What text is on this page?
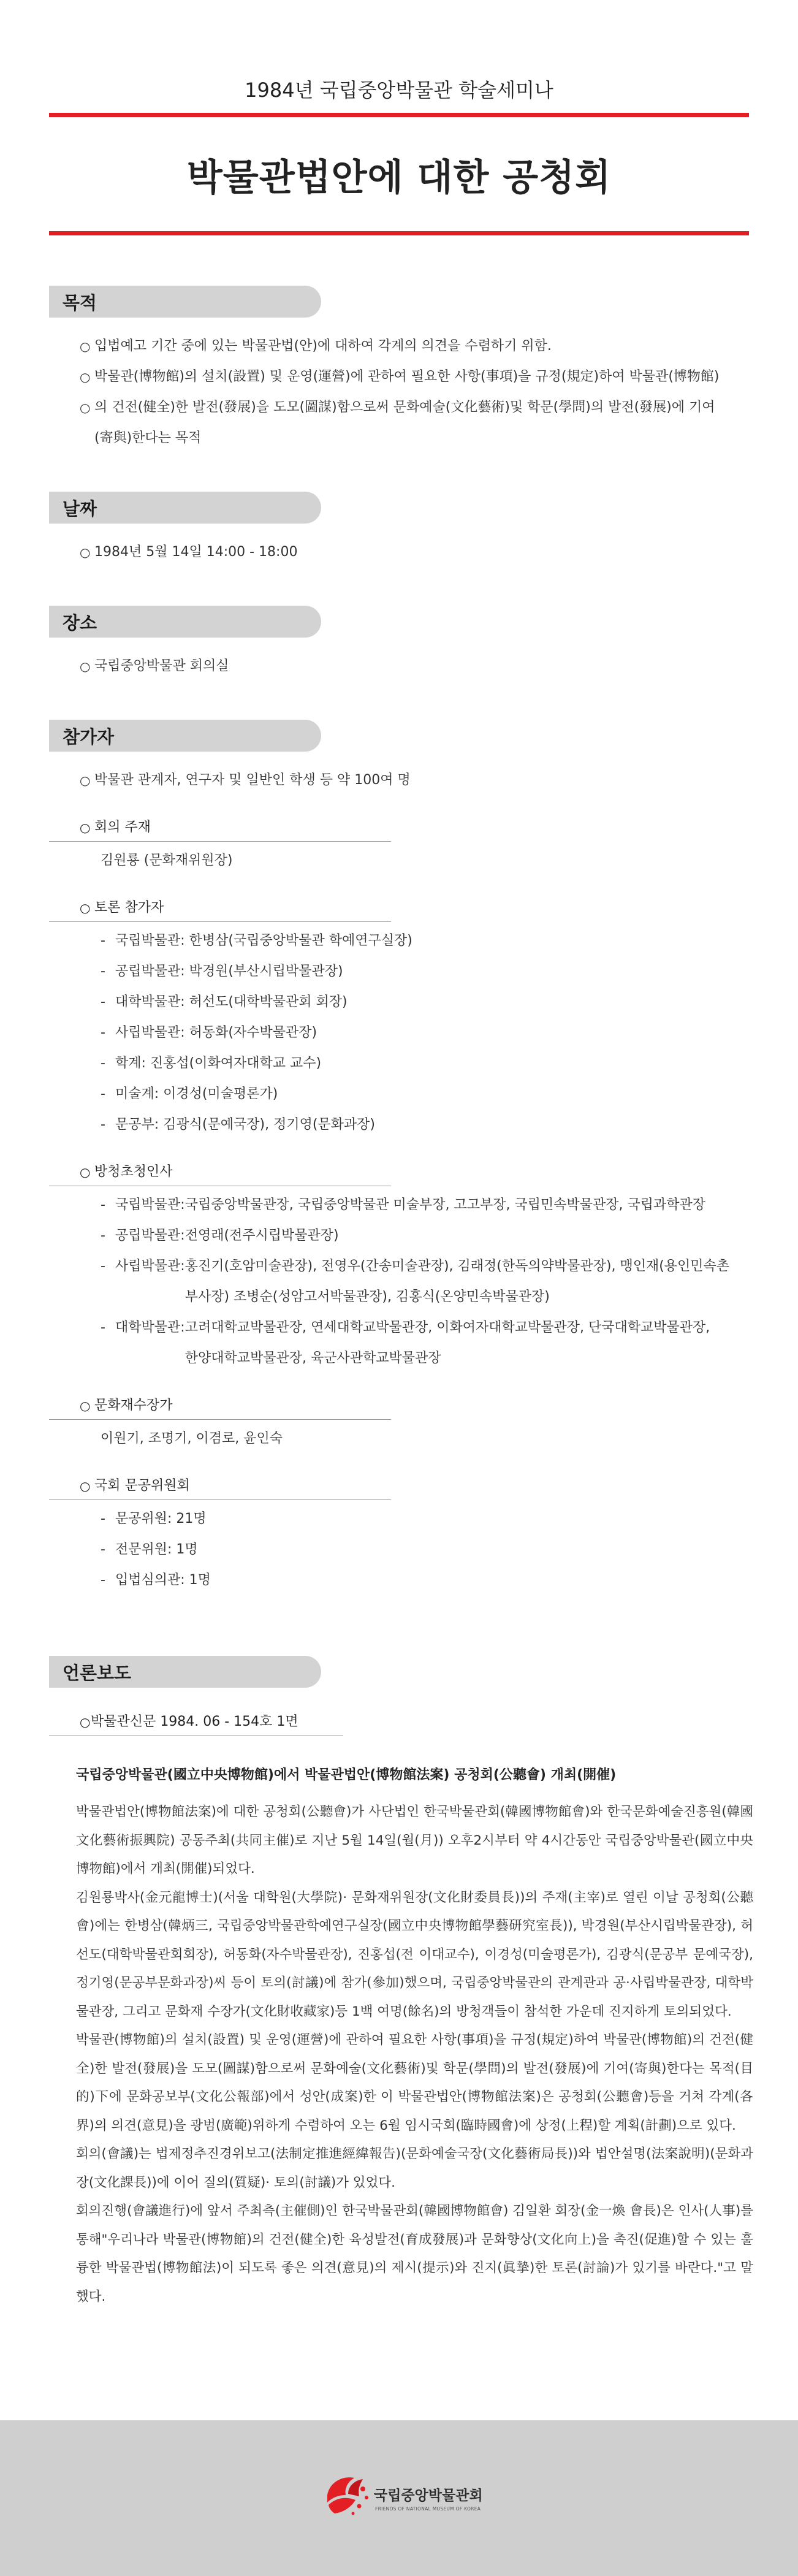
1984년 국립중앙박물관 학술세미나
박물관법안에 대한 공청회
목적
○ 입법예고 기간 중에 있는 박물관법(안)에 대하여 각계의 의견을 수렴하기 위함.
○ 박물관(博物館)의 설치(設置) 및 운영(運營)에 관하여 필요한 사항(事項)을 규정(規定)하여 박물관(博物館)
○ 의 건전(健全)한 발전(發展)을 도모(圖謀)함으로써 문화예술(文化藝術)및 학문(學問)의 발전(發展)에 기여
(寄與)한다는 목적
날짜
○ 1984년 5월 14일 14:00 - 18:00
장소
○ 국립중앙박물관 회의실
참가자
○ 박물관 관계자, 연구자 및 일반인 학생 등 약 100여 명
○ 회의 주재
김원룡 (문화재위원장)
○ 토론 참가자
- 국립박물관: 한병삼(국립중앙박물관 학예연구실장)
- 공립박물관: 박경원(부산시립박물관장)
- 대학박물관: 허선도(대학박물관회 회장)
- 사립박물관: 허동화(자수박물관장)
- 학계: 진홍섭(이화여자대학교 교수)
- 미술계: 이경성(미술평론가)
- 문공부: 김광식(문예국장), 정기영(문화과장)
○ 방청초청인사
- 국립박물관: 국립중앙박물관장, 국립중앙박물관 미술부장, 고고부장, 국립민속박물관장, 국립과학관장
- 공립박물관: 전영래(전주시립박물관장)
- 사립박물관: 홍진기(호암미술관장), 전영우(간송미술관장), 김래정(한독의약박물관장), 맹인재(용인민속촌
부사장) 조병순(성암고서박물관장), 김홍식(온양민속박물관장)
- 대학박물관: 고려대학교박물관장, 연세대학교박물관장, 이화여자대학교박물관장, 단국대학교박물관장,
한양대학교박물관장, 육군사관학교박물관장
○ 문화재수장가
이원기, 조명기, 이겸로, 윤인숙
○ 국회 문공위원회
- 문공위원: 21명
- 전문위원: 1명
- 입법심의관: 1명
언론보도
○ 박물관신문 1984. 06 - 154호 1면
국립중앙박물관(國立中央博物館)에서 박물관법안(博物館法案) 공청회(公聽會) 개최(開催)

박물관법안(博物館法案)에 대한 공청회(公聽會)가 사단법인 한국박물관회(韓國博物館會)와 한국문화예술진흥원(韓國文化藝術振興院) 공동주최(共同主催)로 지난 5월 14일(월(月)) 오후2시부터 약 4시간동안 국립중앙박물관(國立中央博物館)에서 개최(開催)되었다.

김원룡박사(金元龍博士)(서울 대학원(大學院)· 문화재위원장(文化財委員長))의 주재(主宰)로 열린 이날 공청회(公聽會)에는 한병삼(韓炳三, 국립중앙박물관학예연구실장(國立中央博物館學藝研究室長)), 박경원(부산시립박물관장), 허선도(대학박물관회회장), 허동화(자수박물관장), 진홍섭(전 이대교수), 이경성(미술평론가), 김광식(문공부 문예국장), 정기영(문공부문화과장)씨 등이 토의(討議)에 참가(參加)했으며, 국립중앙박물관의 관계관과 공·사립박물관장, 대학박물관장, 그리고 문화재 수장가(文化財收藏家)등 1백 여명(餘名)의 방청객들이 참석한 가운데 진지하게 토의되었다.

박물관(博物館)의 설치(設置) 및 운영(運營)에 관하여 필요한 사항(事項)을 규정(規定)하여 박물관(博物館)의 건전(健全)한 발전(發展)을 도모(圖謀)함으로써 문화예술(文化藝術)및 학문(學問)의 발전(發展)에 기여(寄與)한다는 목적(目的)下에 문화공보부(文化公報部)에서 성안(成案)한 이 박물관법안(博物館法案)은 공청회(公聽會)등을 거쳐 각계(各界)의 의견(意見)을 광범(廣範)위하게 수렴하여 오는 6월 임시국회(臨時國會)에 상정(上程)할 계획(計劃)으로 있다.

회의(會議)는 법제정추진경위보고(法制定推進經緯報告)(문화예술국장(文化藝術局長))와 법안설명(法案說明)(문화과장(文化課長))에 이어 질의(質疑)· 토의(討議)가 있었다.

회의진행(會議進行)에 앞서 주최측(主催側)인 한국박물관회(韓國博物館會) 김일환 회장(金一煥 會長)은 인사(人事)를 통해"우리나라 박물관(博物館)의 건전(健全)한 육성발전(育成發展)과 문화향상(文化向上)을 촉진(促進)할 수 있는 훌륭한 박물관법(博物館法)이 되도록 좋은 의견(意見)의 제시(提示)와 진지(眞摯)한 토론(討論)가 있기를 바란다."고 말했다.

국립중앙박물관회
FRIENDS OF NATIONAL MUSEUM OF KOREA
